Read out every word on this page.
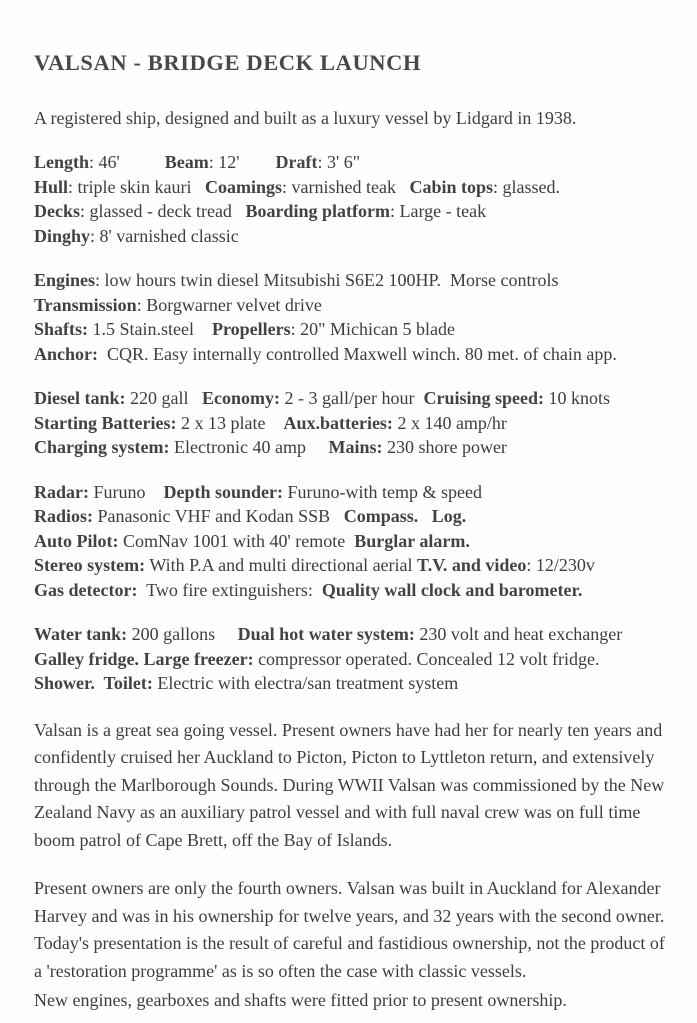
VALSAN - BRIDGE DECK LAUNCH

A registered ship, designed and built as a luxury vessel by Lidgard in 1938.

Length: 46'          Beam: 12'        Draft: 3' 6"
Hull: triple skin kauri   Coamings: varnished teak   Cabin tops: glassed.
Decks: glassed - deck tread   Boarding platform: Large - teak
Dinghy: 8' varnished classic
Engines: low hours twin diesel Mitsubishi S6E2 100HP.  Morse controls
Transmission: Borgwarner velvet drive
Shafts: 1.5 Stain.steel    Propellers: 20" Michican 5 blade
Anchor:  CQR. Easy internally controlled Maxwell winch. 80 met. of chain app.
Diesel tank: 220 gall   Economy: 2 - 3 gall/per hour  Cruising speed: 10 knots
Starting Batteries: 2 x 13 plate    Aux.batteries: 2 x 140 amp/hr
Charging system: Electronic 40 amp     Mains: 230 shore power
Radar: Furuno    Depth sounder: Furuno-with temp & speed
Radios: Panasonic VHF and Kodan SSB   Compass. Log.
Auto Pilot: ComNav 1001 with 40' remote  Burglar alarm.
Stereo system: With P.A and multi directional aerial T.V. and video: 12/230v
Gas detector:  Two fire extinguishers:  Quality wall clock and barometer.
Water tank: 200 gallons     Dual hot water system: 230 volt and heat exchanger
Galley fridge. Large freezer: compressor operated. Concealed 12 volt fridge.
Shower.  Toilet: Electric with electra/san treatment system

Valsan is a great sea going vessel. Present owners have had her for nearly ten years and confidently cruised her Auckland to Picton, Picton to Lyttleton return, and extensively through the Marlborough Sounds. During WWII Valsan was commissioned by the New Zealand Navy as an auxiliary patrol vessel and with full naval crew was on full time boom patrol of Cape Brett, off the Bay of Islands.

Present owners are only the fourth owners. Valsan was built in Auckland for Alexander Harvey and was in his ownership for twelve years, and 32 years with the second owner. Today's presentation is the result of careful and fastidious ownership, not the product of a 'restoration programme' as is so often the case with classic vessels.

New engines, gearboxes and shafts were fitted prior to present ownership.
